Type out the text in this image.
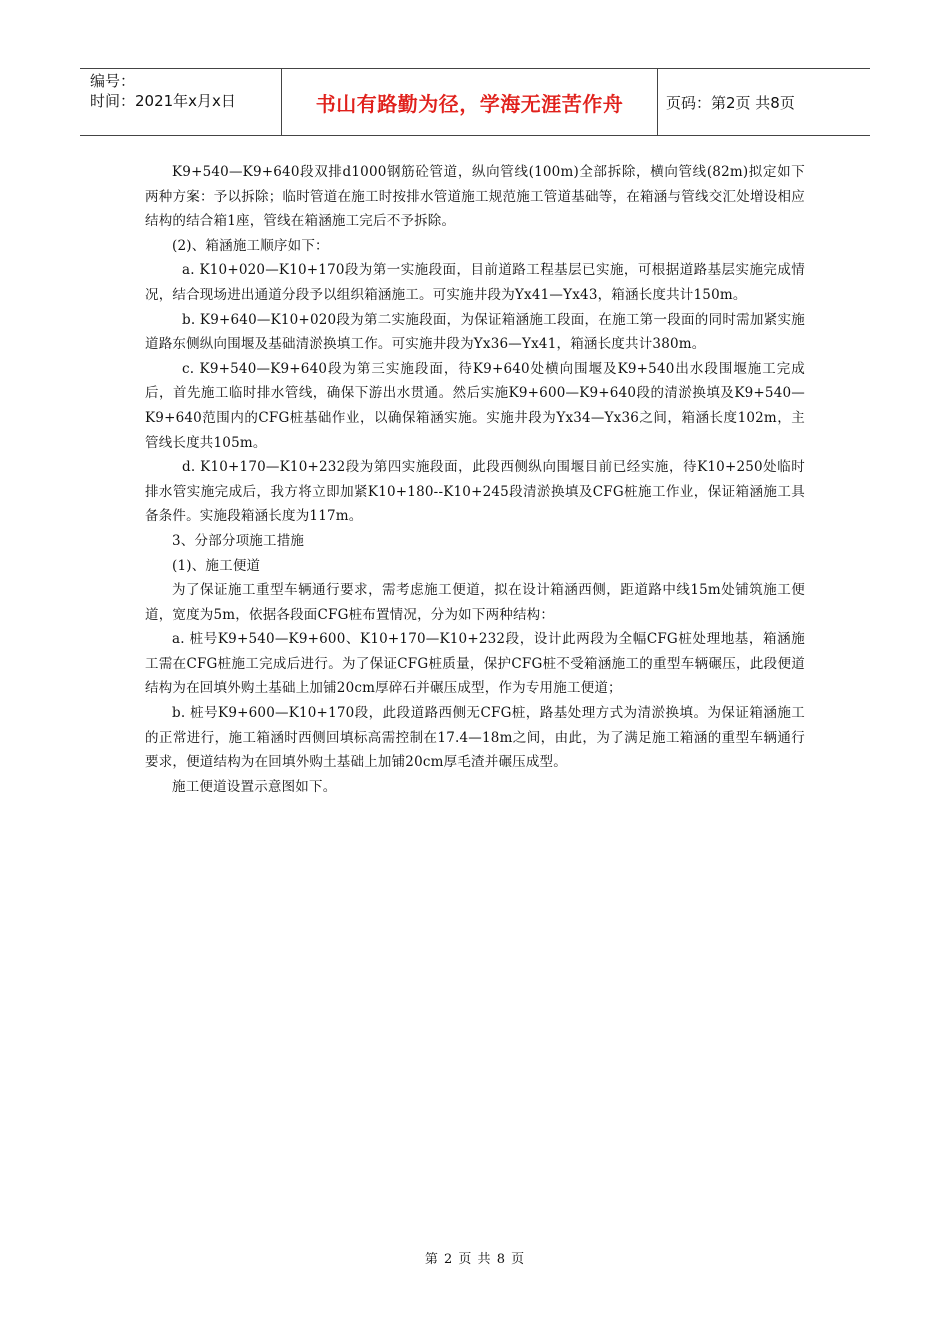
编号：
时间：2021年x月x日	书山有路勤为径，学海无涯苦作舟	页码：第2页 共8页

K9+540—K9+640段双排d1000钢筋砼管道，纵向管线(100m)全部拆除，横向管线(82m)拟定如下两种方案：予以拆除；临时管道在施工时按排水管道施工规范施工管道基础等，在箱涵与管线交汇处增设相应结构的结合箱1座，管线在箱涵施工完后不予拆除。

(2)、箱涵施工顺序如下：

a. K10+020—K10+170段为第一实施段面，目前道路工程基层已实施，可根据道路基层实施完成情况，结合现场进出通道分段予以组织箱涵施工。可实施井段为Yx41—Yx43，箱涵长度共计150m。

b. K9+640—K10+020段为第二实施段面，为保证箱涵施工段面，在施工第一段面的同时需加紧实施道路东侧纵向围堰及基础清淤换填工作。可实施井段为Yx36—Yx41，箱涵长度共计380m。

c. K9+540—K9+640段为第三实施段面，待K9+640处横向围堰及K9+540出水段围堰施工完成后，首先施工临时排水管线，确保下游出水贯通。然后实施K9+600—K9+640段的清淤换填及K9+540—K9+640范围内的CFG桩基础作业，以确保箱涵实施。实施井段为Yx34—Yx36之间，箱涵长度102m，主管线长度共105m。

d. K10+170—K10+232段为第四实施段面，此段西侧纵向围堰目前已经实施，待K10+250处临时排水管实施完成后，我方将立即加紧K10+180--K10+245段清淤换填及CFG桩施工作业，保证箱涵施工具备条件。实施段箱涵长度为117m。

3、分部分项施工措施

(1)、施工便道

为了保证施工重型车辆通行要求，需考虑施工便道，拟在设计箱涵西侧，距道路中线15m处铺筑施工便道，宽度为5m，依据各段面CFG桩布置情况，分为如下两种结构：

a. 桩号K9+540—K9+600、K10+170—K10+232段，设计此两段为全幅CFG桩处理地基，箱涵施工需在CFG桩施工完成后进行。为了保证CFG桩质量，保护CFG桩不受箱涵施工的重型车辆碾压，此段便道结构为在回填外购土基础上加铺20cm厚碎石并碾压成型，作为专用施工便道；

b. 桩号K9+600—K10+170段，此段道路西侧无CFG桩，路基处理方式为清淤换填。为保证箱涵施工的正常进行，施工箱涵时西侧回填标高需控制在17.4—18m之间，由此，为了满足施工箱涵的重型车辆通行要求，便道结构为在回填外购土基础上加铺20cm厚毛渣并碾压成型。

施工便道设置示意图如下。

第 2 页 共 8 页
